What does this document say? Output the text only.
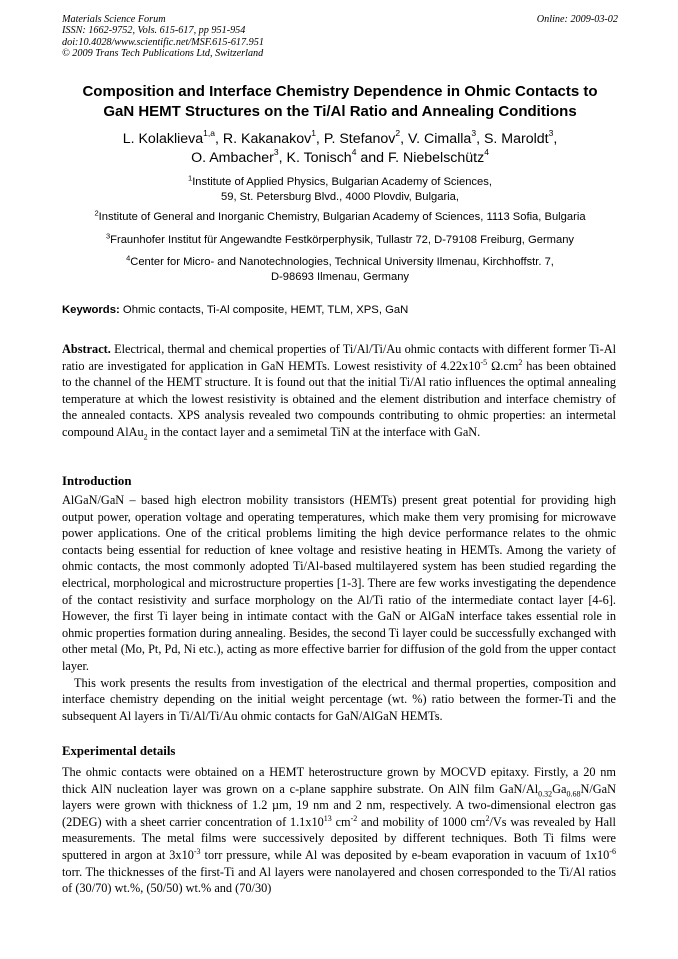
Materials Science Forum
ISSN: 1662-9752, Vols. 615-617, pp 951-954
doi:10.4028/www.scientific.net/MSF.615-617.951
© 2009 Trans Tech Publications Ltd, Switzerland
Online: 2009-03-02
Composition and Interface Chemistry Dependence in Ohmic Contacts to
GaN HEMT Structures on the Ti/Al Ratio and Annealing Conditions
L. Kolaklieva$^{1,a}$, R. Kakanakov$^1$, P. Stefanov$^2$, V. Cimalla$^3$, S. Maroldt$^3$,
O. Ambacher$^3$, K. Tonisch$^4$ and F. Niebelschütz$^4$
$^1$Institute of Applied Physics, Bulgarian Academy of Sciences,
59, St. Petersburg Blvd., 4000 Plovdiv, Bulgaria,
$^2$Institute of General and Inorganic Chemistry, Bulgarian Academy of Sciences, 1113 Sofia, Bulgaria
$^3$Fraunhofer Institut für Angewandte Festkörperphysik, Tullastr 72, D-79108 Freiburg, Germany
$^4$Center for Micro- and Nanotechnologies, Technical University Ilmenau, Kirchhoffstr. 7,
D-98693 Ilmenau, Germany
Keywords: Ohmic contacts, Ti-Al composite, HEMT, TLM, XPS, GaN

Abstract. Electrical, thermal and chemical properties of Ti/Al/Ti/Au ohmic contacts with different former Ti-Al ratio are investigated for application in GaN HEMTs. Lowest resistivity of $4.22x10^{-5}$ $\Omega.cm^2$ has been obtained to the channel of the HEMT structure. It is found out that the initial Ti/Al ratio influences the optimal annealing temperature at which the lowest resistivity is obtained and the element distribution and interface chemistry of the annealed contacts. XPS analysis revealed two compounds contributing to ohmic properties: an intermetal compound AlAu$_2$ in the contact layer and a semimetal TiN at the interface with GaN.

Introduction

AlGaN/GaN – based high electron mobility transistors (HEMTs) present great potential for providing high output power, operation voltage and operating temperatures, which make them very promising for microwave power applications. One of the critical problems limiting the high device performance relates to the ohmic contacts being essential for reduction of knee voltage and resistive heating in HEMTs. Among the variety of ohmic contacts, the most commonly adopted Ti/Al-based multilayered system has been studied regarding the electrical, morphological and microstructure properties [1-3]. There are few works investigating the dependence of the contact resistivity and surface morphology on the Al/Ti ratio of the intermediate contact layer [4-6]. However, the first Ti layer being in intimate contact with the GaN or AlGaN interface takes essential role in ohmic properties formation during annealing. Besides, the second Ti layer could be successfully exchanged with other metal (Mo, Pt, Pd, Ni etc.), acting as more effective barrier for diffusion of the gold from the upper contact layer.

This work presents the results from investigation of the electrical and thermal properties, composition and interface chemistry depending on the initial weight percentage (wt. %) ratio between the former-Ti and the subsequent Al layers in Ti/Al/Ti/Au ohmic contacts for GaN/AlGaN HEMTs.

Experimental details

The ohmic contacts were obtained on a HEMT heterostructure grown by MOCVD epitaxy. Firstly, a 20 nm thick AlN nucleation layer was grown on a c-plane sapphire substrate. On AlN film GaN/$Al_{0.32}Ga_{0.68}N$/GaN layers were grown with thickness of 1.2 µm, 19 nm and 2 nm, respectively. A two-dimensional electron gas (2DEG) with a sheet carrier concentration of $1.1x10^{13}$ $cm^{-2}$ and mobility of 1000 $cm^2/Vs$ was revealed by Hall measurements. The metal films were successively deposited by different techniques. Both Ti films were sputtered in argon at $3x10^{-3}$ torr pressure, while Al was deposited by e-beam evaporation in vacuum of $1x10^{-6}$ torr. The thicknesses of the first-Ti and Al layers were nanolayered and chosen corresponded to the Ti/Al ratios of (30/70) wt.%, (50/50) wt.% and (70/30)
